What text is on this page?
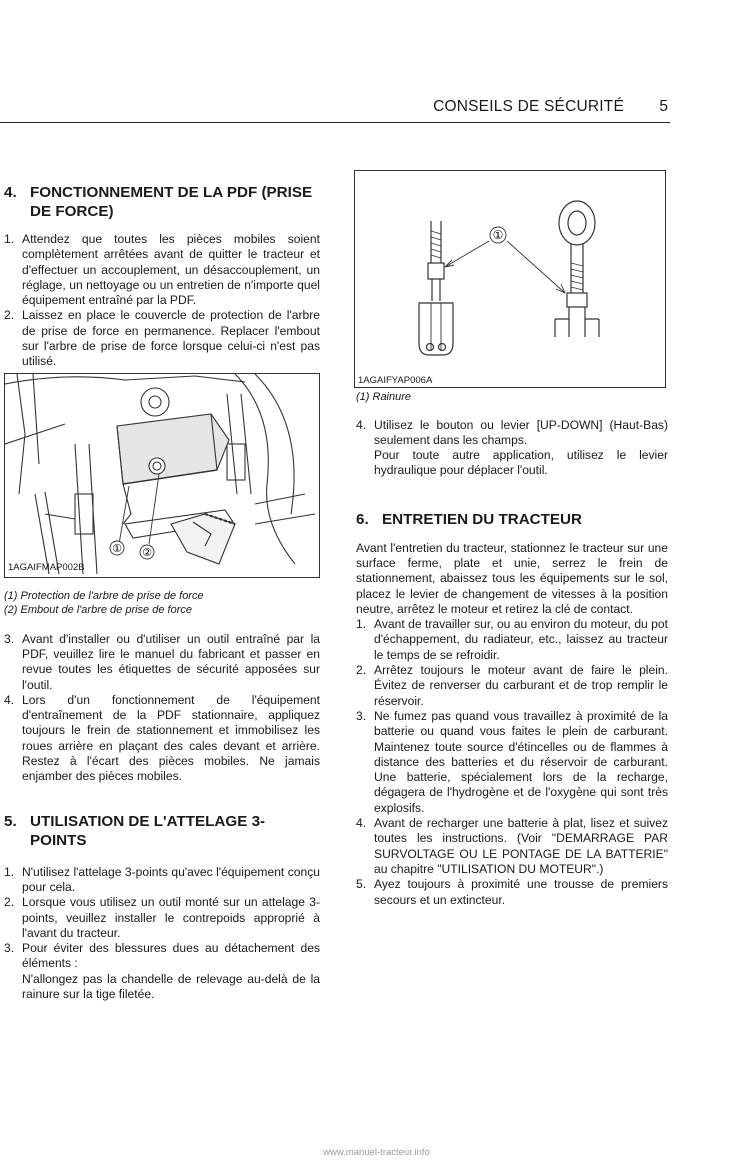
CONSEILS DE SÉCURITÉ 5
4. FONCTIONNEMENT DE LA PDF (PRISE DE FORCE)
1. Attendez que toutes les pièces mobiles soient complètement arrêtées avant de quitter le tracteur et d'effectuer un accouplement, un désaccouplement, un réglage, un nettoyage ou un entretien de n'importe quel équipement entraîné par la PDF.
2. Laissez en place le couvercle de protection de l'arbre de prise de force en permanence. Replacer l'embout sur l'arbre de prise de force lorsque celui-ci n'est pas utilisé.
① ②
1AGAIFMAP002B
(1) Protection de l'arbre de prise de force
(2) Embout de l'arbre de prise de force
3. Avant d'installer ou d'utiliser un outil entraîné par la PDF, veuillez lire le manuel du fabricant et passer en revue toutes les étiquettes de sécurité apposées sur l'outil.
4. Lors d'un fonctionnement de l'équipement d'entraînement de la PDF stationnaire, appliquez toujours le frein de stationnement et immobilisez les roues arrière en plaçant des cales devant et arrière. Restez à l'écart des pièces mobiles. Ne jamais enjamber des pièces mobiles.
5. UTILISATION DE L'ATTELAGE 3-POINTS
1. N'utilisez l'attelage 3-points qu'avec l'équipement conçu pour cela.
2. Lorsque vous utilisez un outil monté sur un attelage 3-points, veuillez installer le contrepoids approprié à l'avant du tracteur.
3. Pour éviter des blessures dues au détachement des éléments :
N'allongez pas la chandelle de relevage au-delà de la rainure sur la tige filetée.
①
1AGAIFYAP006A
(1) Rainure
4. Utilisez le bouton ou levier [UP-DOWN] (Haut-Bas) seulement dans les champs.
Pour toute autre application, utilisez le levier hydraulique pour déplacer l'outil.
6. ENTRETIEN DU TRACTEUR

Avant l'entretien du tracteur, stationnez le tracteur sur une surface ferme, plate et unie, serrez le frein de stationnement, abaissez tous les équipements sur le sol, placez le levier de changement de vitesses à la position neutre, arrêtez le moteur et retirez la clé de contact.

1. Avant de travailler sur, ou au environ du moteur, du pot d'échappement, du radiateur, etc., laissez au tracteur le temps de se refroidir.
2. Arrêtez toujours le moteur avant de faire le plein. Évitez de renverser du carburant et de trop remplir le réservoir.
3. Ne fumez pas quand vous travaillez à proximité de la batterie ou quand vous faites le plein de carburant. Maintenez toute source d'étincelles ou de flammes à distance des batteries et du réservoir de carburant. Une batterie, spécialement lors de la recharge, dégagera de l'hydrogène et de l'oxygène qui sont très explosifs.
4. Avant de recharger une batterie à plat, lisez et suivez toutes les instructions. (Voir "DEMARRAGE PAR SURVOLTAGE OU LE PONTAGE DE LA BATTERIE" au chapitre "UTILISATION DU MOTEUR".)
5. Ayez toujours à proximité une trousse de premiers secours et un extincteur.
www.manuel-tracteur.info
